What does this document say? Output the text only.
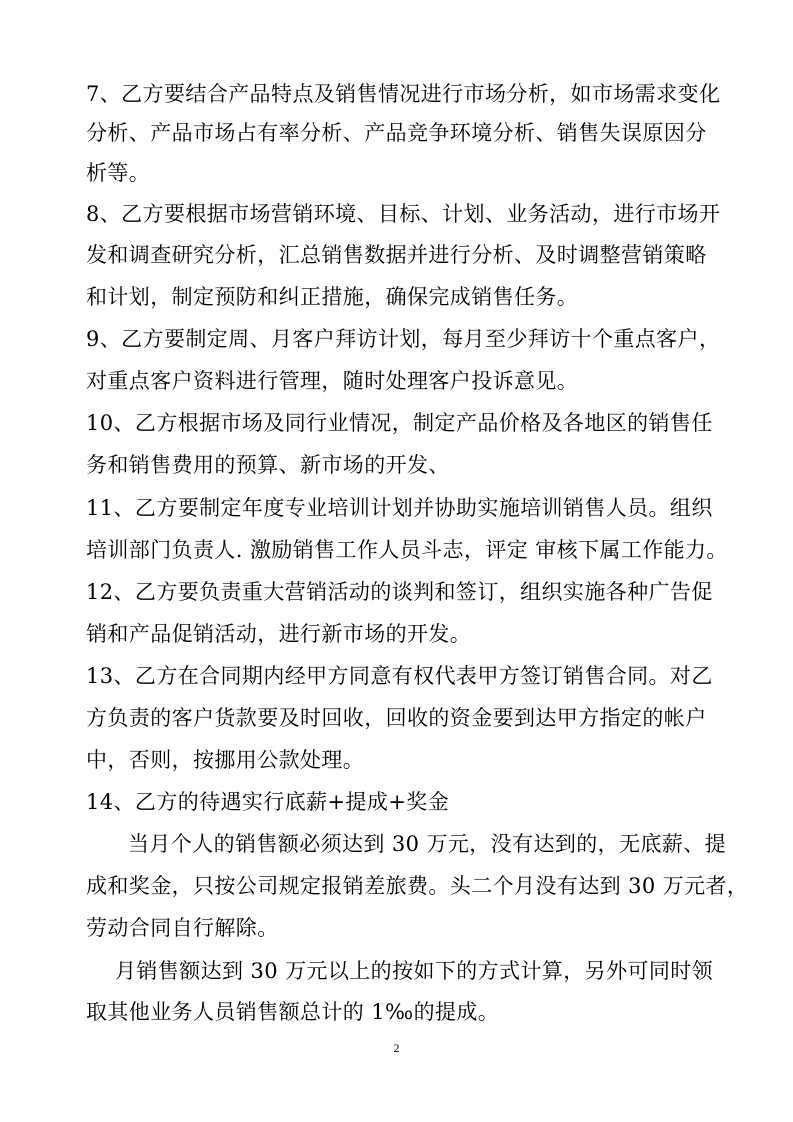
7、乙方要结合产品特点及销售情况进行市场分析，如市场需求变化
分析、产品市场占有率分析、产品竞争环境分析、销售失误原因分
析等。
8、乙方要根据市场营销环境、目标、计划、业务活动，进行市场开
发和调查研究分析，汇总销售数据并进行分析、及时调整营销策略
和计划，制定预防和纠正措施，确保完成销售任务。
9、乙方要制定周、月客户拜访计划，每月至少拜访十个重点客户，
对重点客户资料进行管理，随时处理客户投诉意见。
10、乙方根据市场及同行业情况，制定产品价格及各地区的销售任
务和销售费用的预算、新市场的开发、
11、乙方要制定年度专业培训计划并协助实施培训销售人员。组织
培训部门负责人. 激励销售工作人员斗志，评定 审核下属工作能力。
12、乙方要负责重大营销活动的谈判和签订，组织实施各种广告促
销和产品促销活动，进行新市场的开发。
13、乙方在合同期内经甲方同意有权代表甲方签订销售合同。对乙
方负责的客户货款要及时回收，回收的资金要到达甲方指定的帐户
中，否则，按挪用公款处理。
14、乙方的待遇实行底薪+提成+奖金
当月个人的销售额必须达到 30 万元，没有达到的，无底薪、提
成和奖金，只按公司规定报销差旅费。头二个月没有达到 30 万元者，
劳动合同自行解除。
月销售额达到 30 万元以上的按如下的方式计算，另外可同时领
取其他业务人员销售额总计的 1‰的提成。
2
